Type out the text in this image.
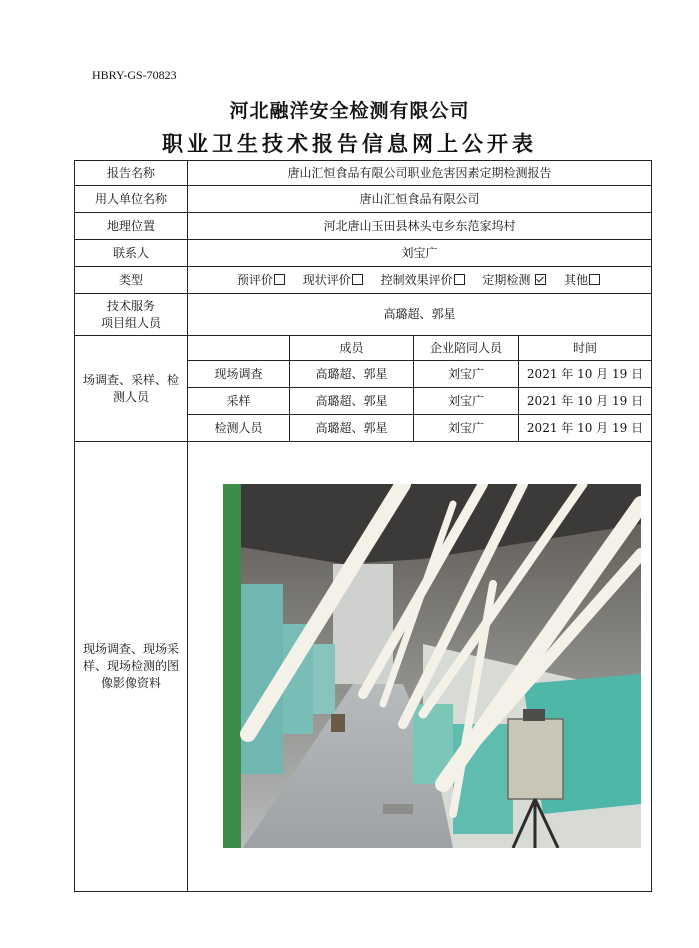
HBRY-GS-70823
河北融洋安全检测有限公司
职业卫生技术报告信息网上公开表
报告名称	唐山汇恒食品有限公司职业危害因素定期检测报告			
用人单位名称	唐山汇恒食品有限公司			
地理位置	河北唐山玉田县林头屯乡东范家坞村			
联系人	刘宝广			
类型	预评价 现状评价 控制效果评价 定期检测 其他			
技术服务
项目组人员	高璐超、郭星			
场调查、采样、检测人员		成员	企业陪同人员	时间
	现场调查	高璐超、郭星	刘宝广	2021 年 10 月 19 日
	采样	高璐超、郭星	刘宝广	2021 年 10 月 19 日
	检测人员	高璐超、郭星	刘宝广	2021 年 10 月 19 日
现场调查、现场采样、现场检测的图像影像资料				
